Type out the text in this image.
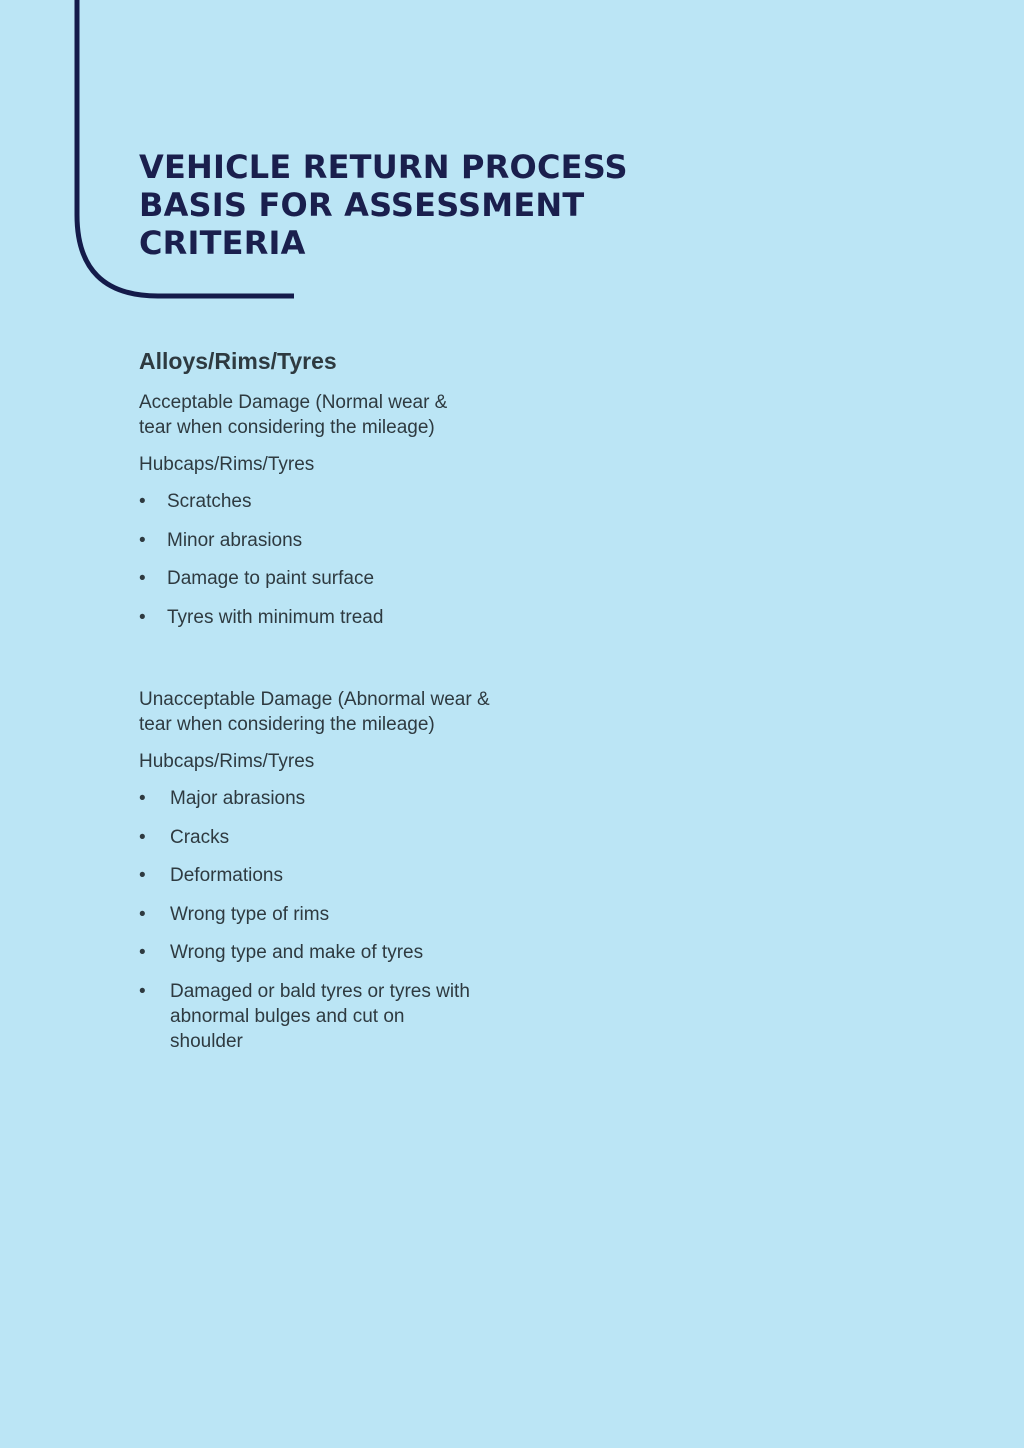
VEHICLE RETURN PROCESS BASIS FOR ASSESSMENT CRITERIA
Alloys/Rims/Tyres

Acceptable Damage (Normal wear & tear when considering the mileage)

Hubcaps/Rims/Tyres

• Scratches
• Minor abrasions
• Damage to paint surface
• Tyres with minimum tread

Unacceptable Damage (Abnormal wear & tear when considering the mileage)

Hubcaps/Rims/Tyres

• Major abrasions
• Cracks
• Deformations
• Wrong type of rims
• Wrong type and make of tyres
• Damaged or bald tyres or tyres with abnormal bulges and cut on shoulder
